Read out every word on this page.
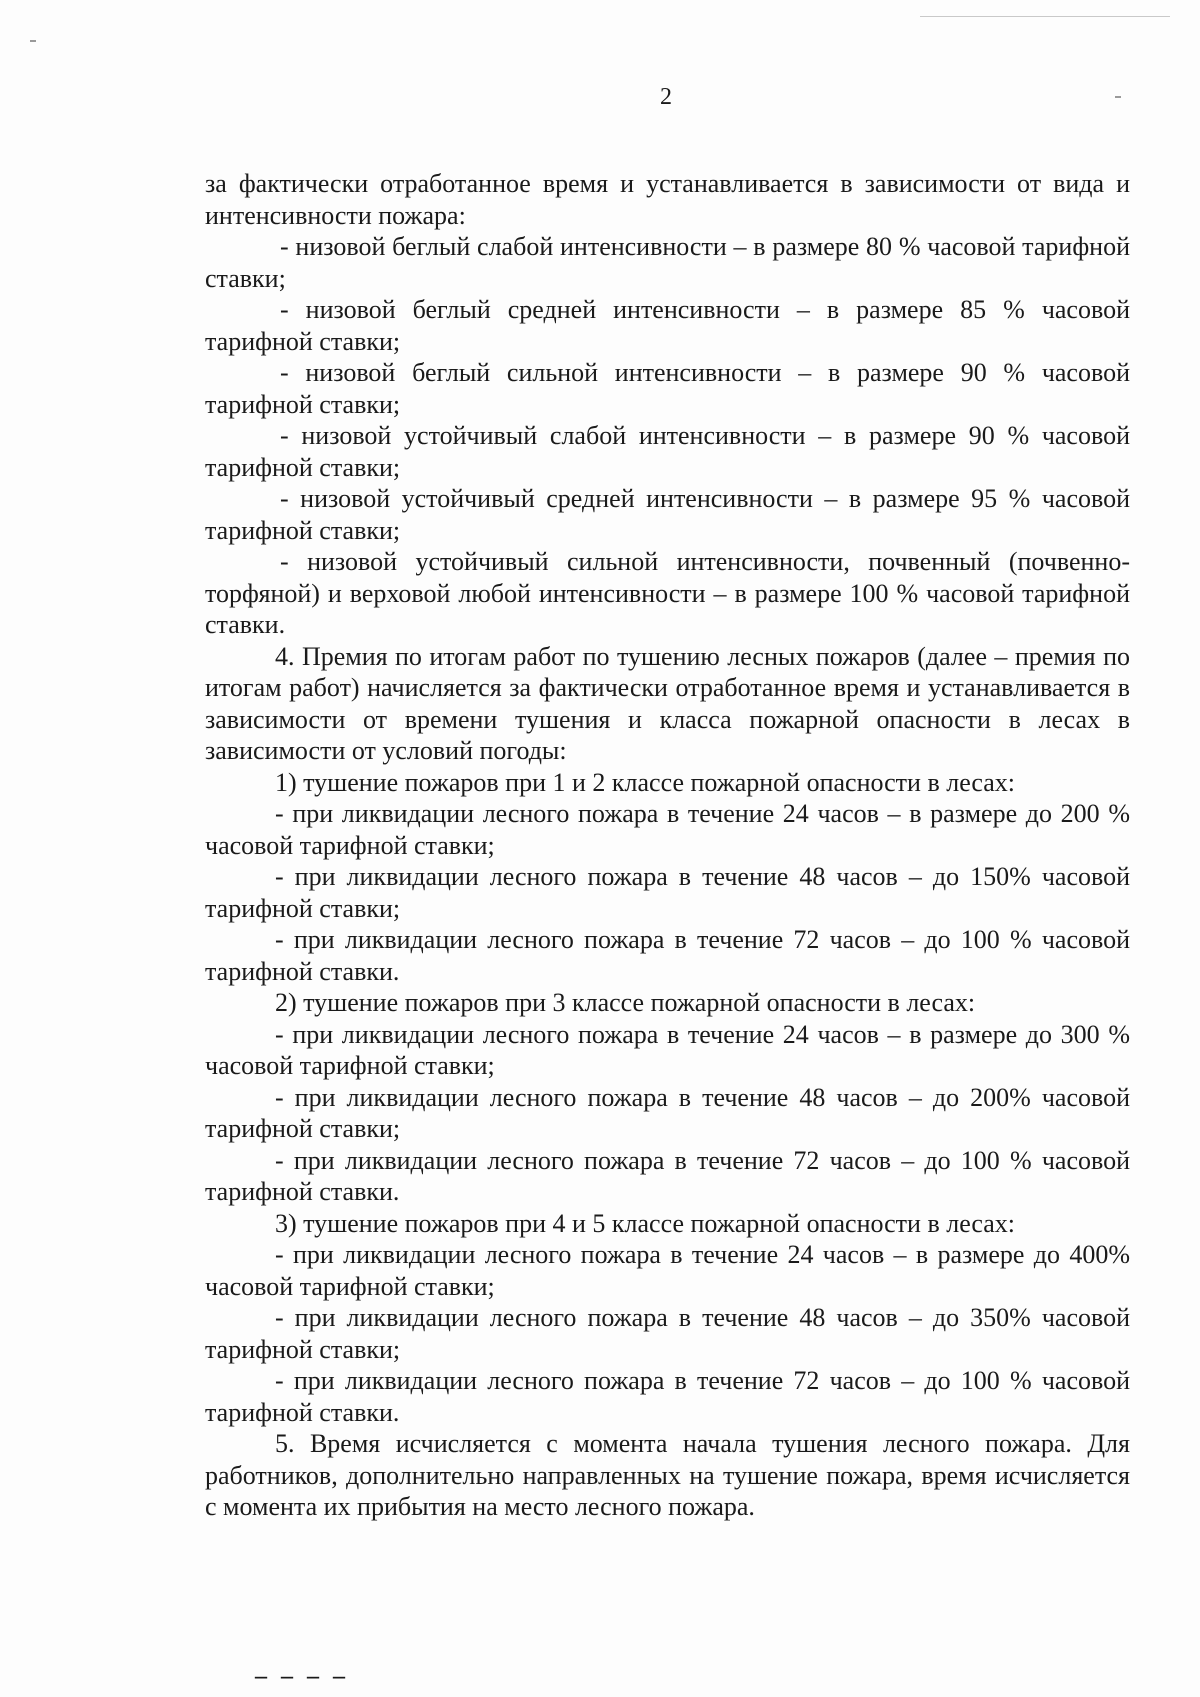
2

за фактически отработанное время и устанавливается в зависимости от вида и интенсивности пожара:

- низовой беглый слабой интенсивности – в размере 80 % часовой тарифной ставки;

- низовой беглый средней интенсивности – в размере 85 % часовой тарифной ставки;

- низовой беглый сильной интенсивности – в размере 90 % часовой тарифной ставки;

- низовой устойчивый слабой интенсивности – в размере 90 % часовой тарифной ставки;

- низовой устойчивый средней интенсивности – в размере 95 % часовой тарифной ставки;

- низовой устойчивый сильной интенсивности, почвенный (почвенно-торфяной) и верховой любой интенсивности – в размере 100 % часовой тарифной ставки.

4. Премия по итогам работ по тушению лесных пожаров (далее – премия по итогам работ) начисляется за фактически отработанное время и устанавливается в зависимости от времени тушения и класса пожарной опасности в лесах в зависимости от условий погоды:

1) тушение пожаров при 1 и 2 классе пожарной опасности в лесах:

- при ликвидации лесного пожара в течение 24 часов – в размере до 200 % часовой тарифной ставки;

- при ликвидации лесного пожара в течение 48 часов – до 150% часовой тарифной ставки;

- при ликвидации лесного пожара в течение 72 часов – до 100 % часовой тарифной ставки.

2) тушение пожаров при 3 классе пожарной опасности в лесах:

- при ликвидации лесного пожара в течение 24 часов – в размере до 300 % часовой тарифной ставки;

- при ликвидации лесного пожара в течение 48 часов – до 200% часовой тарифной ставки;

- при ликвидации лесного пожара в течение 72 часов – до 100 % часовой тарифной ставки.

3) тушение пожаров при 4 и 5 классе пожарной опасности в лесах:

- при ликвидации лесного пожара в течение 24 часов – в размере до 400% часовой тарифной ставки;

- при ликвидации лесного пожара в течение 48 часов – до 350% часовой тарифной ставки;

- при ликвидации лесного пожара в течение 72 часов – до 100 % часовой тарифной ставки.

5. Время исчисляется с момента начала тушения лесного пожара. Для работников, дополнительно направленных на тушение пожара, время исчисляется с момента их прибытия на место лесного пожара.

_ _ _ _
